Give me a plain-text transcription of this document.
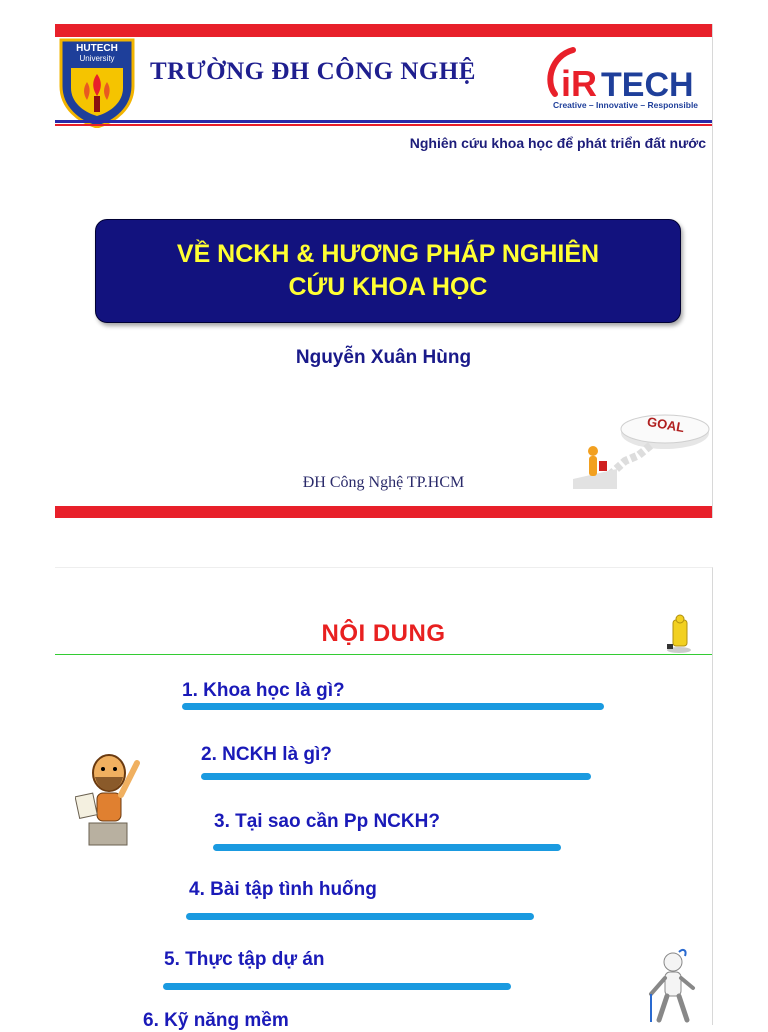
HUTECH
University TRƯỜNG ĐH CÔNG NGHỆ iR TECH
Creative – Innovative – Responsible
Nghiên cứu khoa học để phát triển đất nước
VỀ NCKH & HƯƠNG PHÁP NGHIÊN
CỨU KHOA HỌC
Nguyễn Xuân Hùng
GOAL
ĐH Công Nghệ TP.HCM
NỘI DUNG
1. Khoa học là gì?
2. NCKH là gì?
3. Tại sao cần Pp NCKH?
4. Bài tập tình huống
5. Thực tập dự án
6. Kỹ năng mềm
